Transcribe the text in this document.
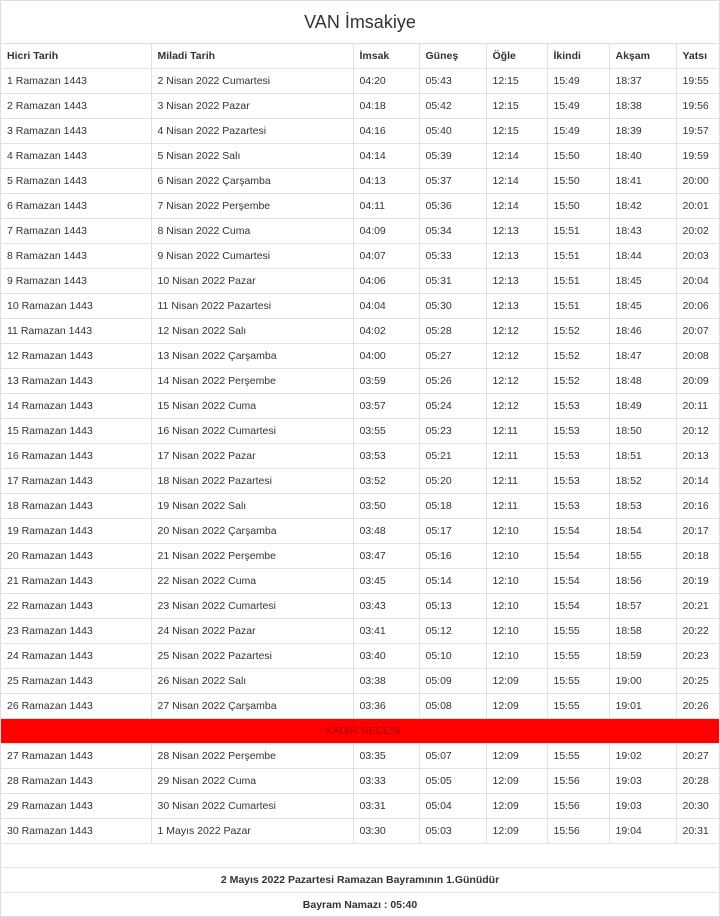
VAN İmsakiye
Hicri Tarih	Miladi Tarih	İmsak	Güneş	Öğle	İkindi	Akşam	Yatsı
1 Ramazan 1443	2 Nisan 2022 Cumartesi	04:20	05:43	12:15	15:49	18:37	19:55
2 Ramazan 1443	3 Nisan 2022 Pazar	04:18	05:42	12:15	15:49	18:38	19:56
3 Ramazan 1443	4 Nisan 2022 Pazartesi	04:16	05:40	12:15	15:49	18:39	19:57
4 Ramazan 1443	5 Nisan 2022 Salı	04:14	05:39	12:14	15:50	18:40	19:59
5 Ramazan 1443	6 Nisan 2022 Çarşamba	04:13	05:37	12:14	15:50	18:41	20:00
6 Ramazan 1443	7 Nisan 2022 Perşembe	04:11	05:36	12:14	15:50	18:42	20:01
7 Ramazan 1443	8 Nisan 2022 Cuma	04:09	05:34	12:13	15:51	18:43	20:02
8 Ramazan 1443	9 Nisan 2022 Cumartesi	04:07	05:33	12:13	15:51	18:44	20:03
9 Ramazan 1443	10 Nisan 2022 Pazar	04:06	05:31	12:13	15:51	18:45	20:04
10 Ramazan 1443	11 Nisan 2022 Pazartesi	04:04	05:30	12:13	15:51	18:45	20:06
11 Ramazan 1443	12 Nisan 2022 Salı	04:02	05:28	12:12	15:52	18:46	20:07
12 Ramazan 1443	13 Nisan 2022 Çarşamba	04:00	05:27	12:12	15:52	18:47	20:08
13 Ramazan 1443	14 Nisan 2022 Perşembe	03:59	05:26	12:12	15:52	18:48	20:09
14 Ramazan 1443	15 Nisan 2022 Cuma	03:57	05:24	12:12	15:53	18:49	20:11
15 Ramazan 1443	16 Nisan 2022 Cumartesi	03:55	05:23	12:11	15:53	18:50	20:12
16 Ramazan 1443	17 Nisan 2022 Pazar	03:53	05:21	12:11	15:53	18:51	20:13
17 Ramazan 1443	18 Nisan 2022 Pazartesi	03:52	05:20	12:11	15:53	18:52	20:14
18 Ramazan 1443	19 Nisan 2022 Salı	03:50	05:18	12:11	15:53	18:53	20:16
19 Ramazan 1443	20 Nisan 2022 Çarşamba	03:48	05:17	12:10	15:54	18:54	20:17
20 Ramazan 1443	21 Nisan 2022 Perşembe	03:47	05:16	12:10	15:54	18:55	20:18
21 Ramazan 1443	22 Nisan 2022 Cuma	03:45	05:14	12:10	15:54	18:56	20:19
22 Ramazan 1443	23 Nisan 2022 Cumartesi	03:43	05:13	12:10	15:54	18:57	20:21
23 Ramazan 1443	24 Nisan 2022 Pazar	03:41	05:12	12:10	15:55	18:58	20:22
24 Ramazan 1443	25 Nisan 2022 Pazartesi	03:40	05:10	12:10	15:55	18:59	20:23
25 Ramazan 1443	26 Nisan 2022 Salı	03:38	05:09	12:09	15:55	19:00	20:25
26 Ramazan 1443	27 Nisan 2022 Çarşamba	03:36	05:08	12:09	15:55	19:01	20:26
KADİR GECESİ							
27 Ramazan 1443	28 Nisan 2022 Perşembe	03:35	05:07	12:09	15:55	19:02	20:27
28 Ramazan 1443	29 Nisan 2022 Cuma	03:33	05:05	12:09	15:56	19:03	20:28
29 Ramazan 1443	30 Nisan 2022 Cumartesi	03:31	05:04	12:09	15:56	19:03	20:30
30 Ramazan 1443	1 Mayıs 2022 Pazar	03:30	05:03	12:09	15:56	19:04	20:31
2 Mayıs 2022 Pazartesi Ramazan Bayramının 1.Günüdür
Bayram Namazı : 05:40
